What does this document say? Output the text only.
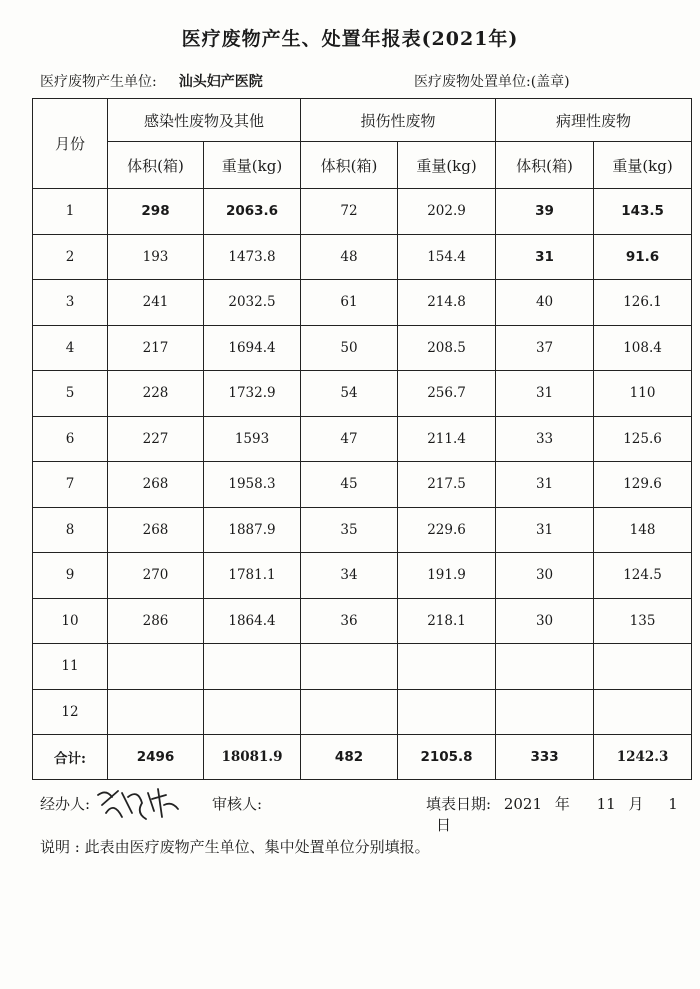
医疗废物产生、处置年报表(2021年)
医疗废物产生单位: 汕头妇产医院	医疗废物处置单位:(盖章)
月份	感染性废物及其他		损伤性废物		病理性废物	
	体积(箱)	重量(kg)	体积(箱)	重量(kg)	体积(箱)	重量(kg)
1	298	2063.6	72	202.9	39	143.5
2	193	1473.8	48	154.4	31	91.6
3	241	2032.5	61	214.8	40	126.1
4	217	1694.4	50	208.5	37	108.4
5	228	1732.9	54	256.7	31	110
6	227	1593	47	211.4	33	125.6
7	268	1958.3	45	217.5	31	129.6
8	268	1887.9	35	229.6	31	148
9	270	1781.1	34	191.9	30	124.5
10	286	1864.4	36	218.1	30	135
11						
12						
合计:	2496	18081.9	482	2105.8	333	1242.3
经办人:	审核人:	填表日期: 2021 年 11 月 1 日
说明 : 此表由医疗废物产生单位、集中处置单位分别填报。
